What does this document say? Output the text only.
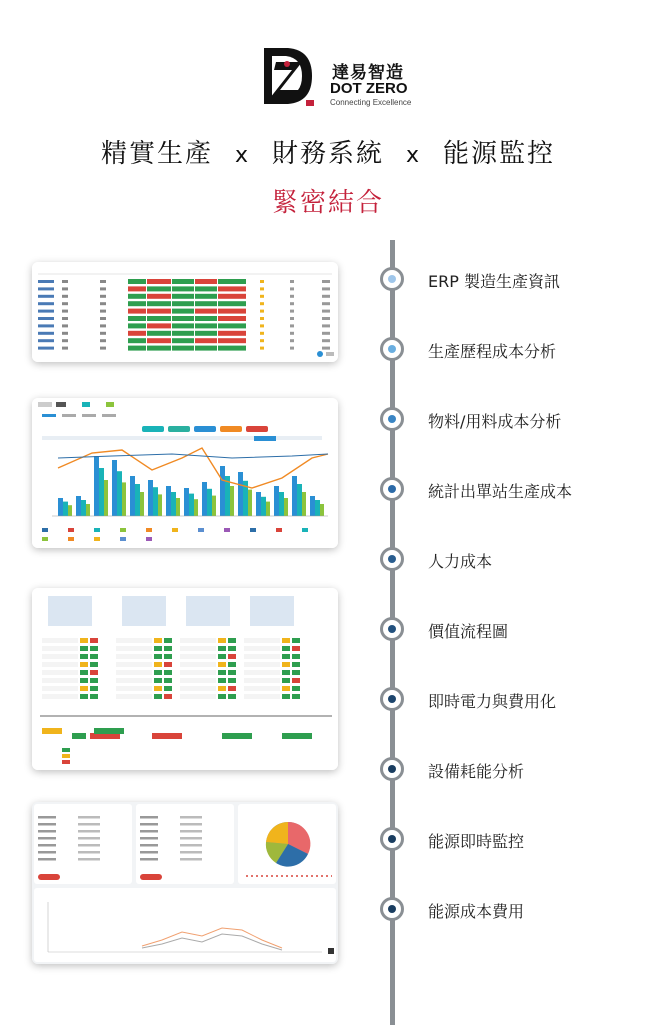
達易智造
DOT ZERO
Connecting Excellence
精實生產 x 財務系統 x 能源監控
緊密結合
ERP 製造生產資訊
生產歷程成本分析
物料/用料成本分析
統計出單站生產成本
人力成本
價值流程圖
即時電力與費用化
設備耗能分析
能源即時監控
能源成本費用
